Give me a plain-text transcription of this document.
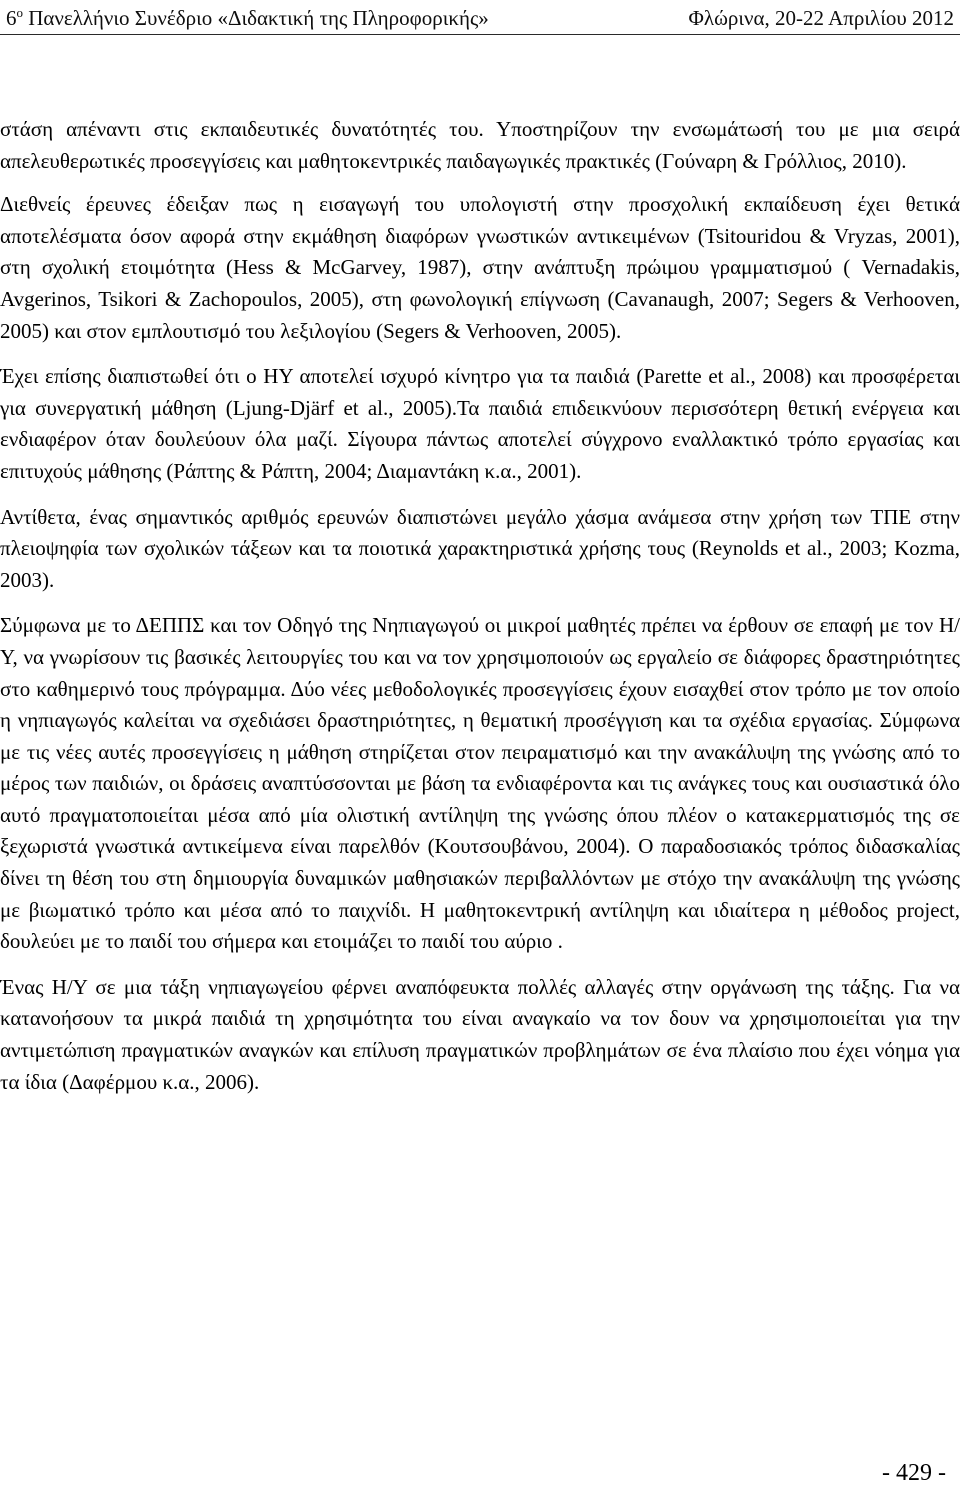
$6^o$ Πανελλήνιο Συνέδριο «Διδακτική της Πληροφορικής»	Φλώρινα, 20-22 Απριλίου 2012

στάση απέναντι στις εκπαιδευτικές δυνατότητές του. Υποστηρίζουν την ενσωμάτωσή του με μια σειρά απελευθερωτικές προσεγγίσεις και μαθητοκεντρικές παιδαγωγικές πρακτικές (Γούναρη & Γρόλλιος, 2010).

Διεθνείς έρευνες έδειξαν πως η εισαγωγή του υπολογιστή στην προσχολική εκπαίδευση έχει θετικά αποτελέσματα όσον αφορά στην εκμάθηση διαφόρων γνωστικών αντικειμένων (Tsitouridou & Vryzas, 2001), στη σχολική ετοιμότητα (Hess & McGarvey, 1987), στην ανάπτυξη πρώιμου γραμματισμού ( Vernadakis, Avgerinos, Tsikori & Zachopoulos, 2005), στη φωνολογική επίγνωση (Cavanaugh, 2007; Segers & Verhooven, 2005) και στον εμπλουτισμό του λεξιλογίου (Segers & Verhooven, 2005).

Έχει επίσης διαπιστωθεί ότι ο ΗΥ αποτελεί ισχυρό κίνητρο για τα παιδιά (Parette et al., 2008) και προσφέρεται για συνεργατική μάθηση (Ljung-Djärf et al., 2005).Τα παιδιά επιδεικνύουν περισσότερη θετική ενέργεια και ενδιαφέρον όταν δουλεύουν όλα μαζί. Σίγουρα πάντως αποτελεί σύγχρονο εναλλακτικό τρόπο εργασίας και επιτυχούς μάθησης (Ράπτης & Ράπτη, 2004; Διαμαντάκη κ.α., 2001).

Αντίθετα, ένας σημαντικός αριθμός ερευνών διαπιστώνει μεγάλο χάσμα ανάμεσα στην χρήση των ΤΠΕ στην πλειοψηφία των σχολικών τάξεων και τα ποιοτικά χαρακτηριστικά χρήσης τους (Reynolds et al., 2003; Kozma, 2003).

Σύμφωνα με το ΔΕΠΠΣ και τον Οδηγό της Νηπιαγωγού οι μικροί μαθητές πρέπει να έρθουν σε επαφή με τον Η/Υ, να γνωρίσουν τις βασικές λειτουργίες του και να τον χρησιμοποιούν ως εργαλείο σε διάφορες δραστηριότητες στο καθημερινό τους πρόγραμμα. Δύο νέες μεθοδολογικές προσεγγίσεις έχουν εισαχθεί στον τρόπο με τον οποίο η νηπιαγωγός καλείται να σχεδιάσει δραστηριότητες, η θεματική προσέγγιση και τα σχέδια εργασίας. Σύμφωνα με τις νέες αυτές προσεγγίσεις η μάθηση στηρίζεται στον πειραματισμό και την ανακάλυψη της γνώσης από το μέρος των παιδιών, οι δράσεις αναπτύσσονται με βάση τα ενδιαφέροντα και τις ανάγκες τους και ουσιαστικά όλο αυτό πραγματοποιείται μέσα από μία ολιστική αντίληψη της γνώσης όπου πλέον ο κατακερματισμός της σε ξεχωριστά γνωστικά αντικείμενα είναι παρελθόν (Κουτσουβάνου, 2004). Ο παραδοσιακός τρόπος διδασκαλίας δίνει τη θέση του στη δημιουργία δυναμικών μαθησιακών περιβαλλόντων με στόχο την ανακάλυψη της γνώσης με βιωματικό τρόπο και μέσα από το παιχνίδι. Η μαθητοκεντρική αντίληψη και ιδιαίτερα η μέθοδος project, δουλεύει με το παιδί του σήμερα και ετοιμάζει το παιδί του αύριο .

Ένας Η/Υ σε μια τάξη νηπιαγωγείου φέρνει αναπόφευκτα πολλές αλλαγές στην οργάνωση της τάξης. Για να κατανοήσουν τα μικρά παιδιά τη χρησιμότητα του είναι αναγκαίο να τον δουν να χρησιμοποιείται για την αντιμετώπιση πραγματικών αναγκών και επίλυση πραγματικών προβλημάτων σε ένα πλαίσιο που έχει νόημα για τα ίδια (Δαφέρμου κ.α., 2006).

- 429 -
